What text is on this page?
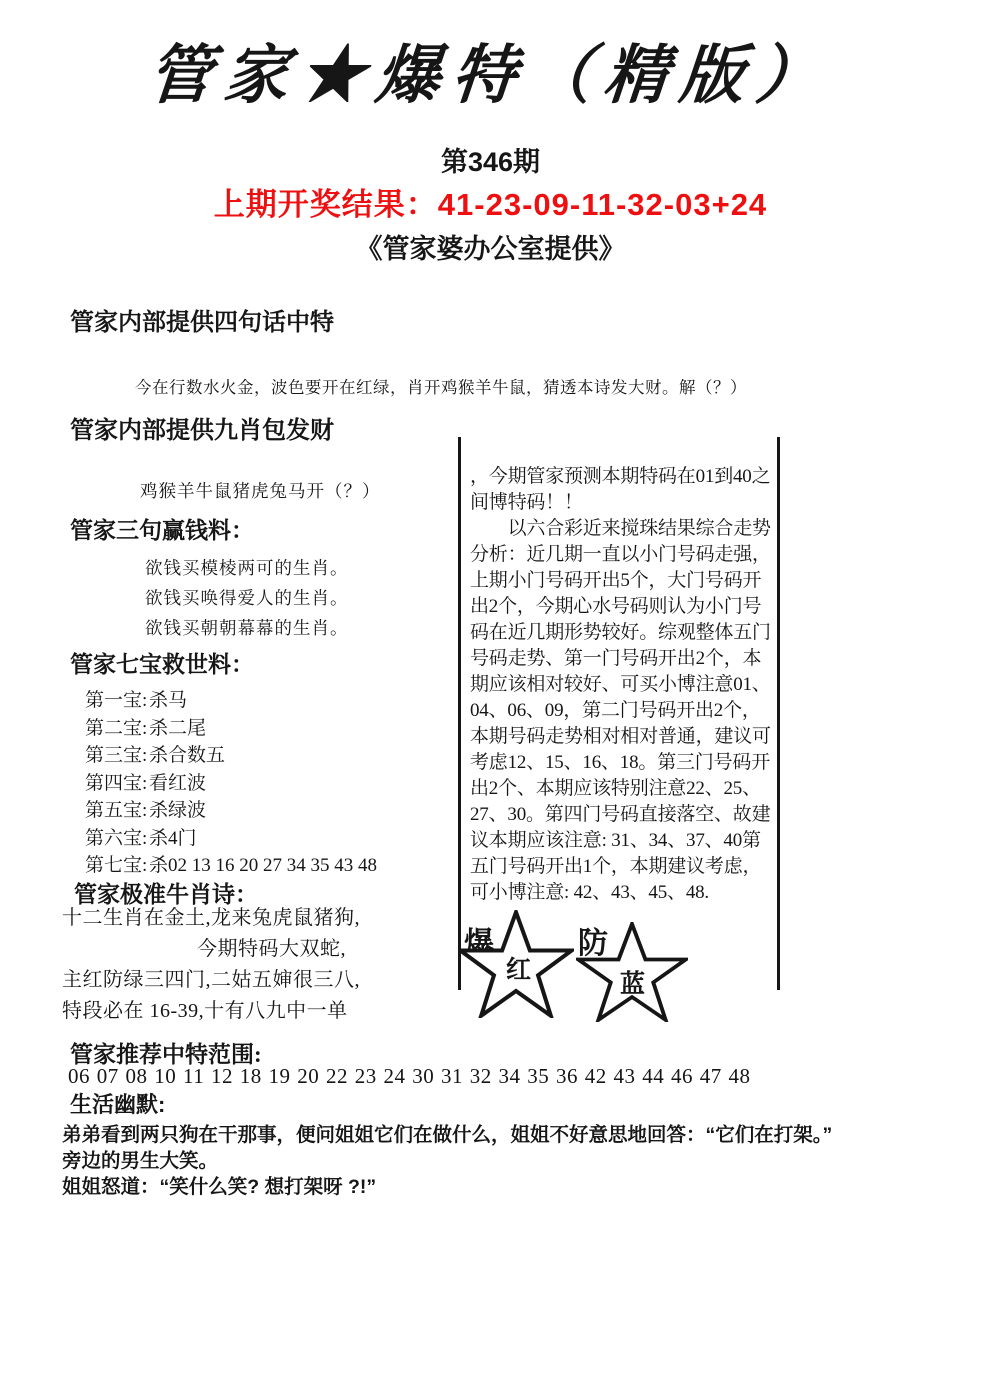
管家★爆特（精版）
第346期
上期开奖结果：41-23-09-11-32-03+24
《管家婆办公室提供》
管家内部提供四句话中特
今在行数水火金，波色要开在红绿，肖开鸡猴羊牛鼠，猜透本诗发大财。解（？）
管家内部提供九肖包发财
鸡猴羊牛鼠猪虎兔马开（？）
管家三句赢钱料：
欲钱买模棱两可的生肖。
欲钱买唤得爱人的生肖。
欲钱买朝朝幕幕的生肖。
管家七宝救世料：
第一宝:杀马
第二宝:杀二尾
第三宝:杀合数五
第四宝:看红波
第五宝:杀绿波
第六宝:杀4门
第七宝:杀02 13 16 20 27 34 35 43 48
管家极准牛肖诗：
十二生肖在金土,龙来兔虎鼠猪狗,
今期特码大双蛇,
主红防绿三四门,二姑五婶很三八,
特段必在 16-39,十有八九中一单
，今期管家预测本期特码在01到40之
间博特码！！
　　以六合彩近来搅珠结果综合走势
分析：近几期一直以小门号码走强，
上期小门号码开出5个，大门号码开
出2个，今期心水号码则认为小门号
码在近几期形势较好。综观整体五门
号码走势、第一门号码开出2个，本
期应该相对较好、可买小博注意01、
04、06、09，第二门号码开出2个，
本期号码走势相对相对普通，建议可
考虑12、15、16、18。第三门号码开
出2个、本期应该特别注意22、25、
27、30。第四门号码直接落空、故建
议本期应该注意: 31、34、37、40第
五门号码开出1个，本期建议考虑，
可小博注意: 42、43、45、48.
爆
红
防
蓝
管家推荐中特范围:
06 07 08 10 11 12 18 19 20 22 23 24 30 31 32 34 35 36 42 43 44 46 47 48
生活幽默:
弟弟看到两只狗在干那事，便问姐姐它们在做什么，姐姐不好意思地回答：“它们在打架。”
旁边的男生大笑。
姐姐怒道：“笑什么笑? 想打架呀 ?!”
